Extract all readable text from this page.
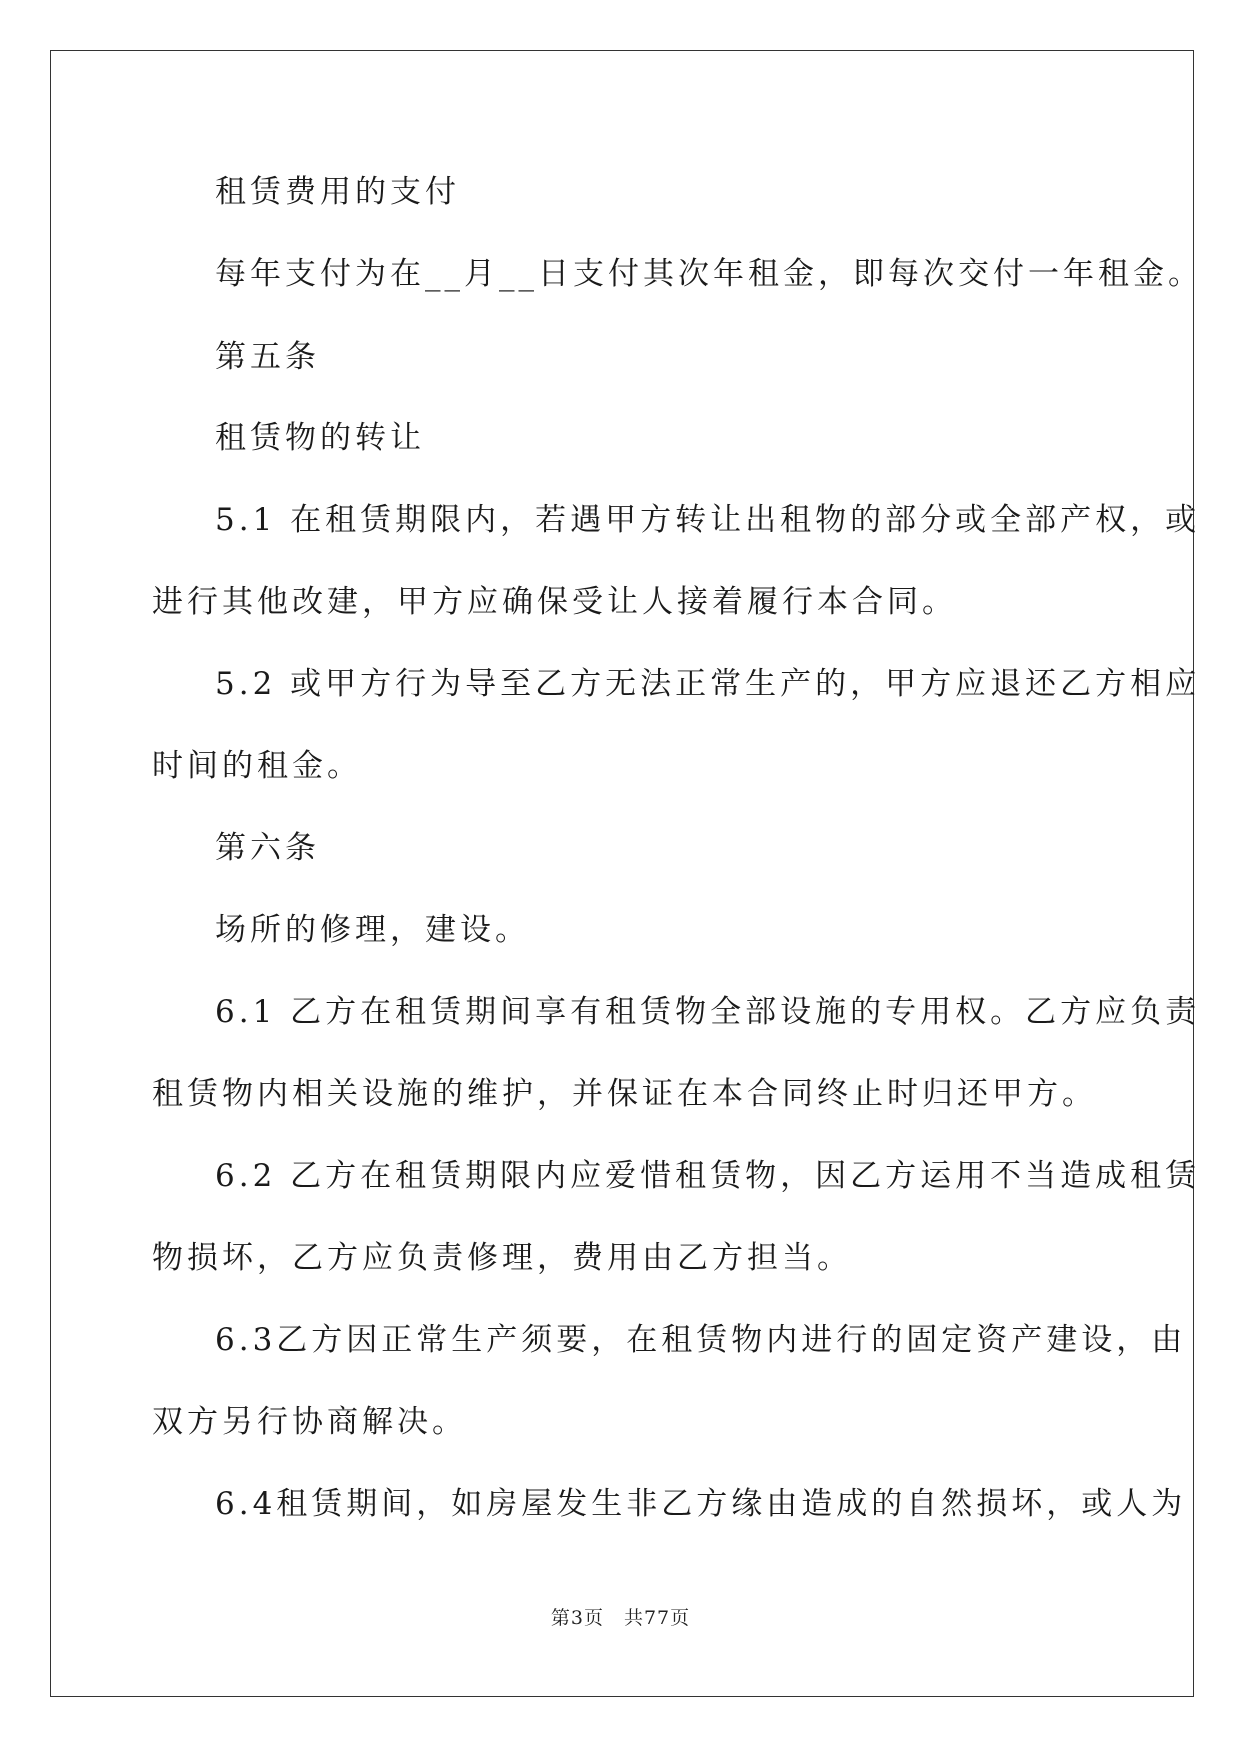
租赁费用的支付
每年支付为在__月__日支付其次年租金，即每次交付一年租金。
第五条
租赁物的转让
5.1 在租赁期限内，若遇甲方转让出租物的部分或全部产权，或
进行其他改建，甲方应确保受让人接着履行本合同。
5.2 或甲方行为导至乙方无法正常生产的，甲方应退还乙方相应
时间的租金。
第六条
场所的修理，建设。
6.1 乙方在租赁期间享有租赁物全部设施的专用权。乙方应负责
租赁物内相关设施的维护，并保证在本合同终止时归还甲方。
6.2 乙方在租赁期限内应爱惜租赁物，因乙方运用不当造成租赁
物损坏，乙方应负责修理，费用由乙方担当。
6.3乙方因正常生产须要，在租赁物内进行的固定资产建设，由
双方另行协商解决。
6.4租赁期间，如房屋发生非乙方缘由造成的自然损坏，或人为
第3页　共77页
